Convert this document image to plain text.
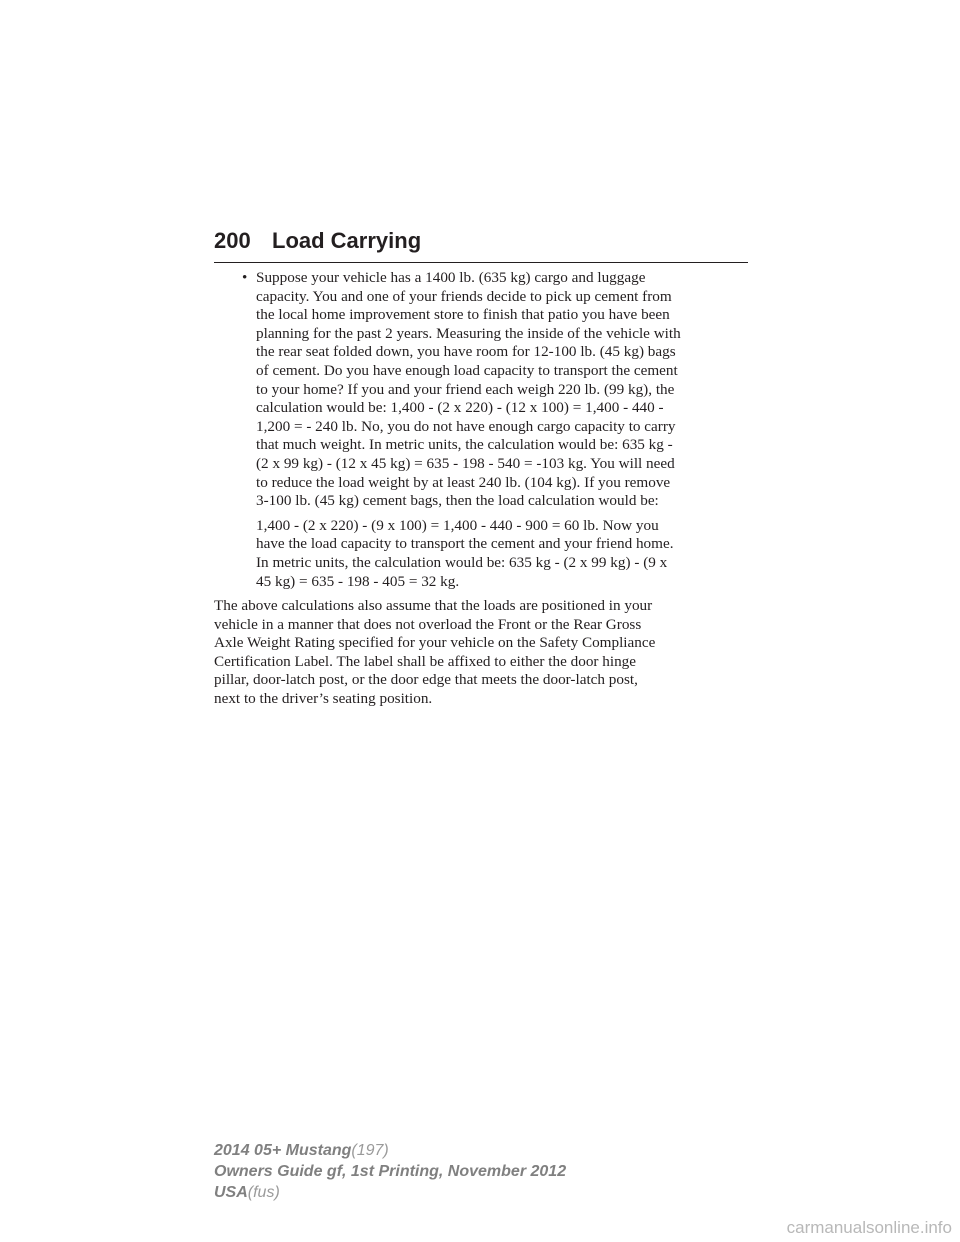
200 Load Carrying
• Suppose your vehicle has a 1400 lb. (635 kg) cargo and luggage
capacity. You and one of your friends decide to pick up cement from
the local home improvement store to finish that patio you have been
planning for the past 2 years. Measuring the inside of the vehicle with
the rear seat folded down, you have room for 12-100 lb. (45 kg) bags
of cement. Do you have enough load capacity to transport the cement
to your home? If you and your friend each weigh 220 lb. (99 kg), the
calculation would be: 1,400 - (2 x 220) - (12 x 100) = 1,400 - 440 -
1,200 = - 240 lb. No, you do not have enough cargo capacity to carry
that much weight. In metric units, the calculation would be: 635 kg -
(2 x 99 kg) - (12 x 45 kg) = 635 - 198 - 540 = -103 kg. You will need
to reduce the load weight by at least 240 lb. (104 kg). If you remove
3-100 lb. (45 kg) cement bags, then the load calculation would be:
1,400 - (2 x 220) - (9 x 100) = 1,400 - 440 - 900 = 60 lb. Now you
have the load capacity to transport the cement and your friend home.
In metric units, the calculation would be: 635 kg - (2 x 99 kg) - (9 x
45 kg) = 635 - 198 - 405 = 32 kg.
The above calculations also assume that the loads are positioned in your
vehicle in a manner that does not overload the Front or the Rear Gross
Axle Weight Rating specified for your vehicle on the Safety Compliance
Certification Label. The label shall be affixed to either the door hinge
pillar, door-latch post, or the door edge that meets the door-latch post,
next to the driver’s seating position.
2014 05+ Mustang(197)
Owners Guide gf, 1st Printing, November 2012
USA(fus)
carmanualsonline.info
